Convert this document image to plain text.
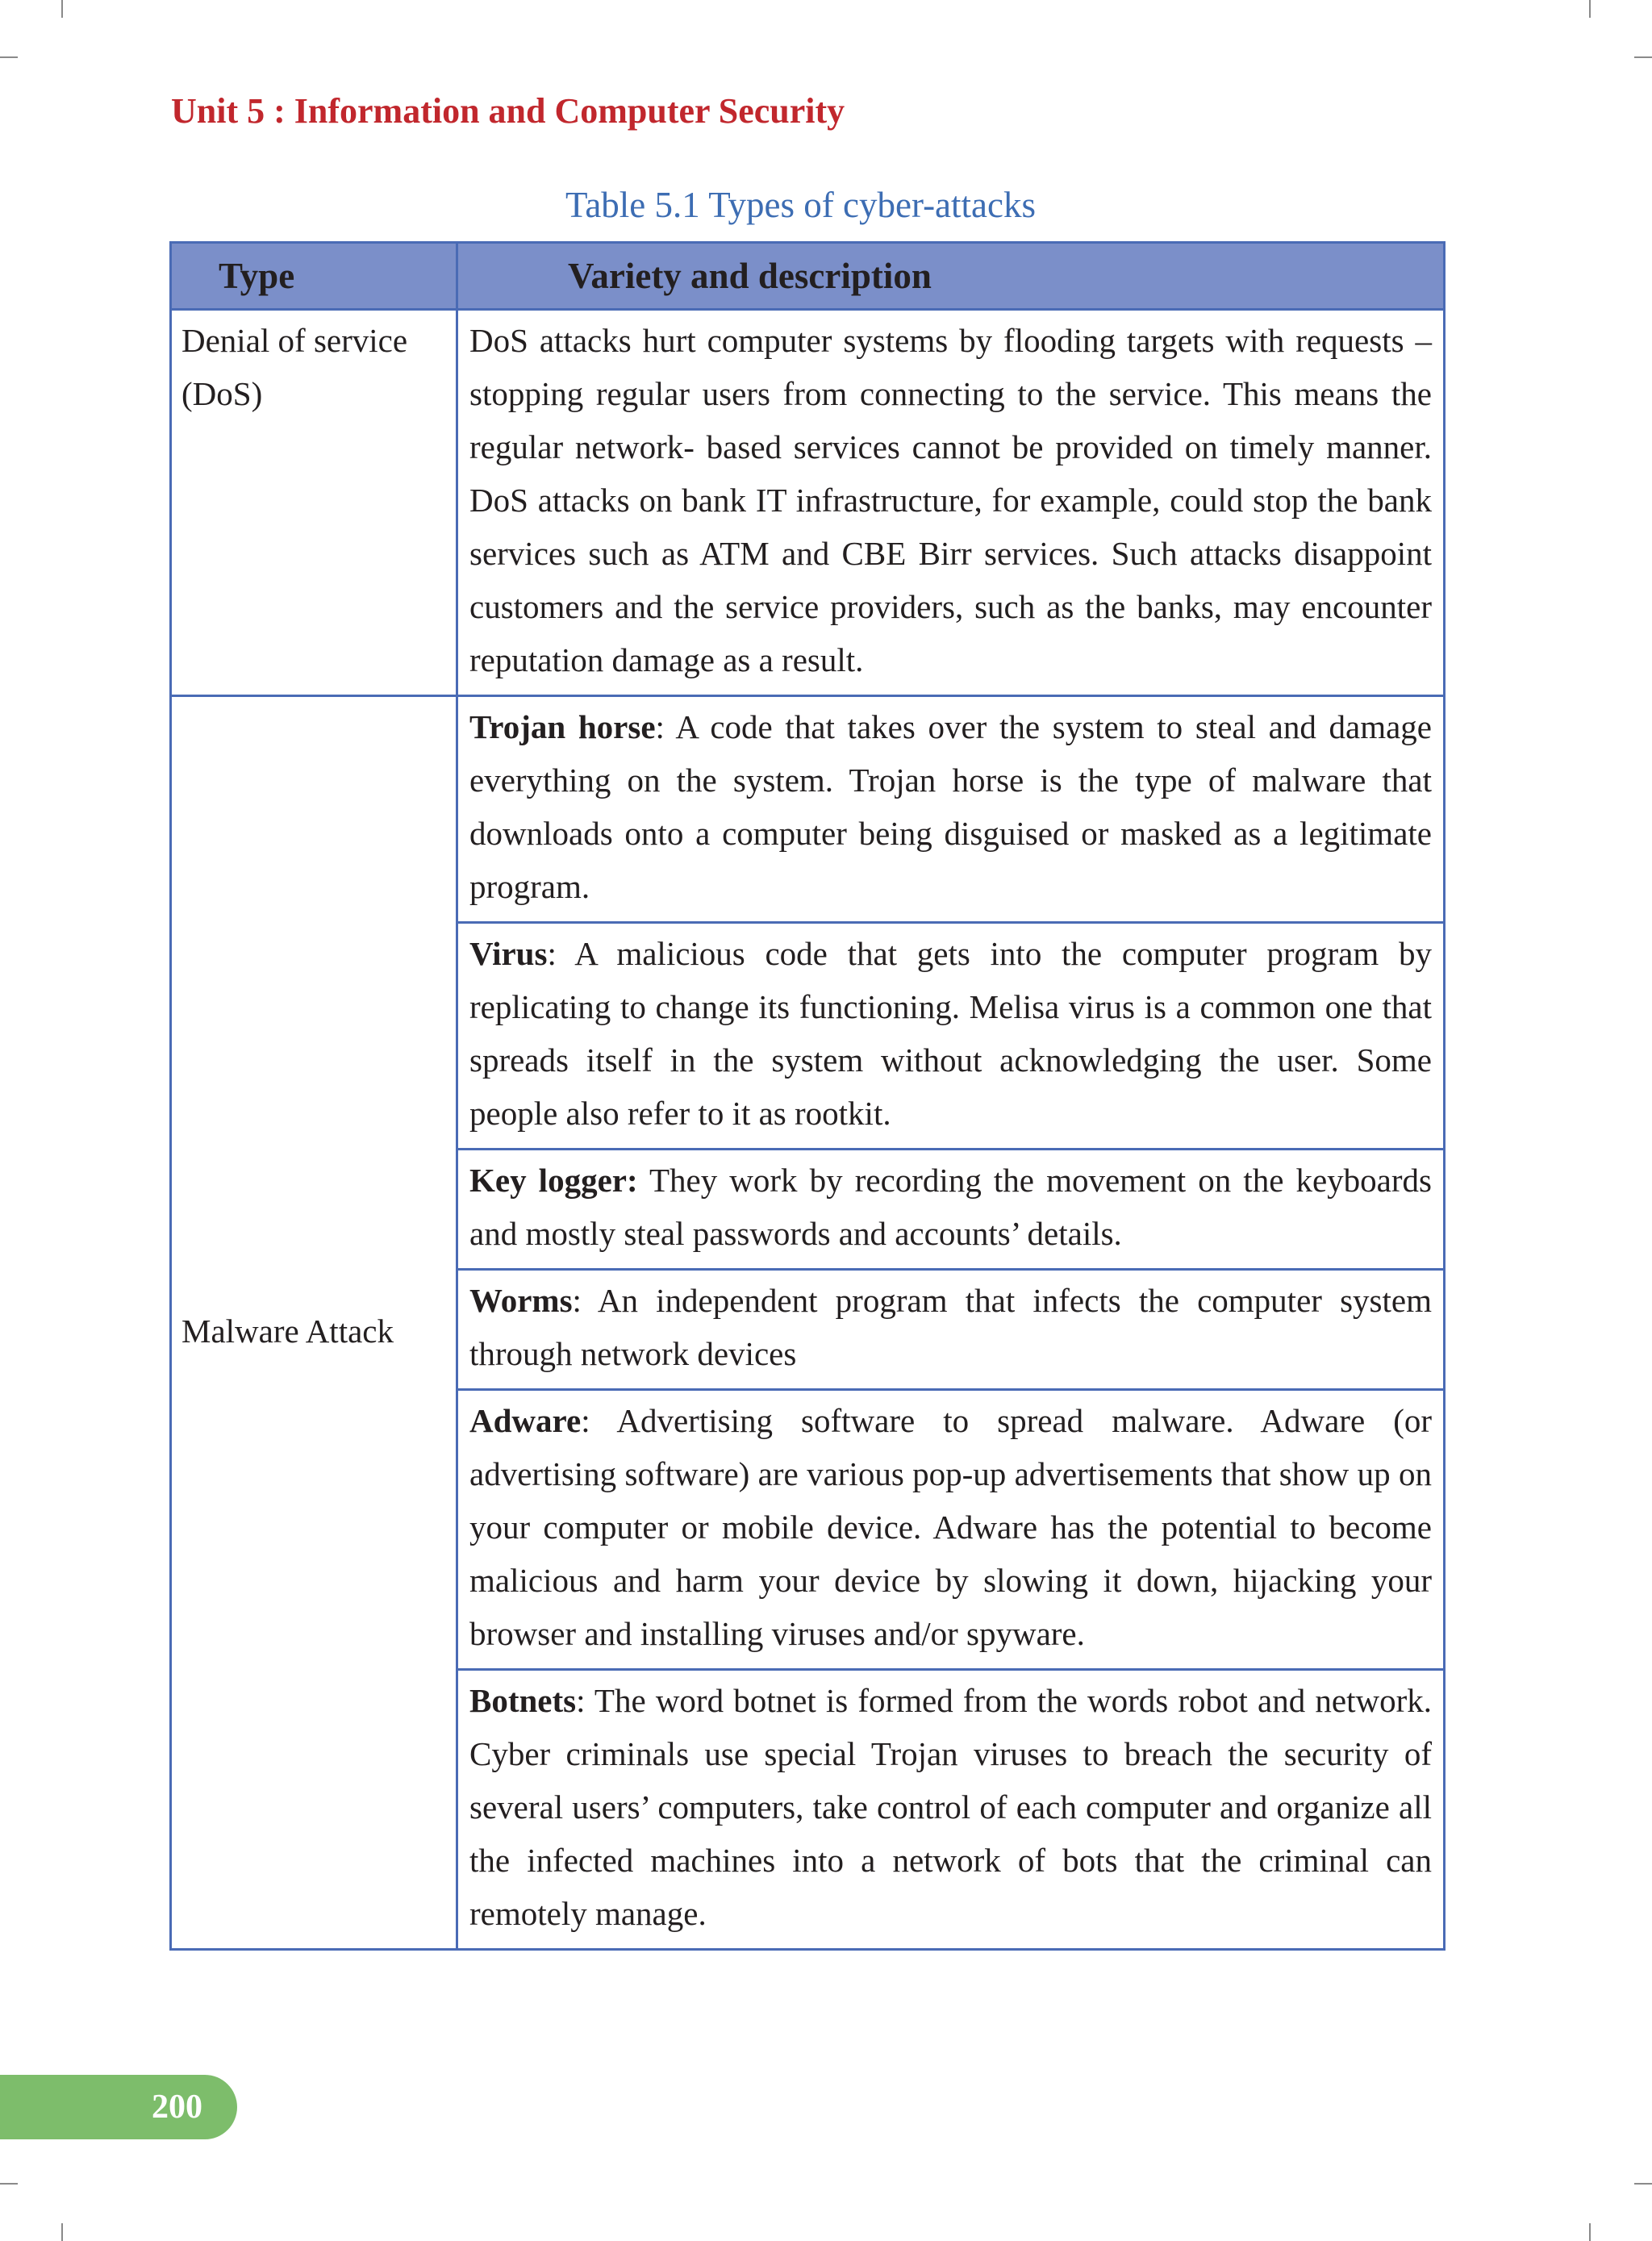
Unit 5 : Information and Computer Security
Table 5.1 Types of cyber-attacks
Type	Variety and description
Denial of service (DoS)	DoS attacks hurt computer systems by flooding targets with requests – stopping regular users from connecting to the service. This means the regular network- based services cannot be provided on timely manner. DoS attacks on bank IT infrastructure, for example, could stop the bank services such as ATM and CBE Birr services. Such attacks disappoint customers and the service providers, such as the banks, may encounter reputation damage as a result.
Malware Attack	Trojan horse: A code that takes over the system to steal and damage everything on the system. Trojan horse is the type of malware that downloads onto a computer being disguised or masked as a legitimate program.
	Virus: A malicious code that gets into the computer program by replicating to change its functioning. Melisa virus is a common one that spreads itself in the system without acknowledging the user. Some people also refer to it as rootkit.
	Key logger: They work by recording the movement on the keyboards and mostly steal passwords and accounts’ details.
	Worms: An independent program that infects the computer system through network devices
	Adware: Advertising software to spread malware. Adware (or advertising software) are various pop-up advertisements that show up on your computer or mobile device. Adware has the potential to become malicious and harm your device by slowing it down, hijacking your browser and installing viruses and/or spyware.
	Botnets: The word botnet is formed from the words robot and network. Cyber criminals use special Trojan viruses to breach the security of several users’ computers, take control of each computer and organize all the infected machines into a network of bots that the criminal can remotely manage.
200
